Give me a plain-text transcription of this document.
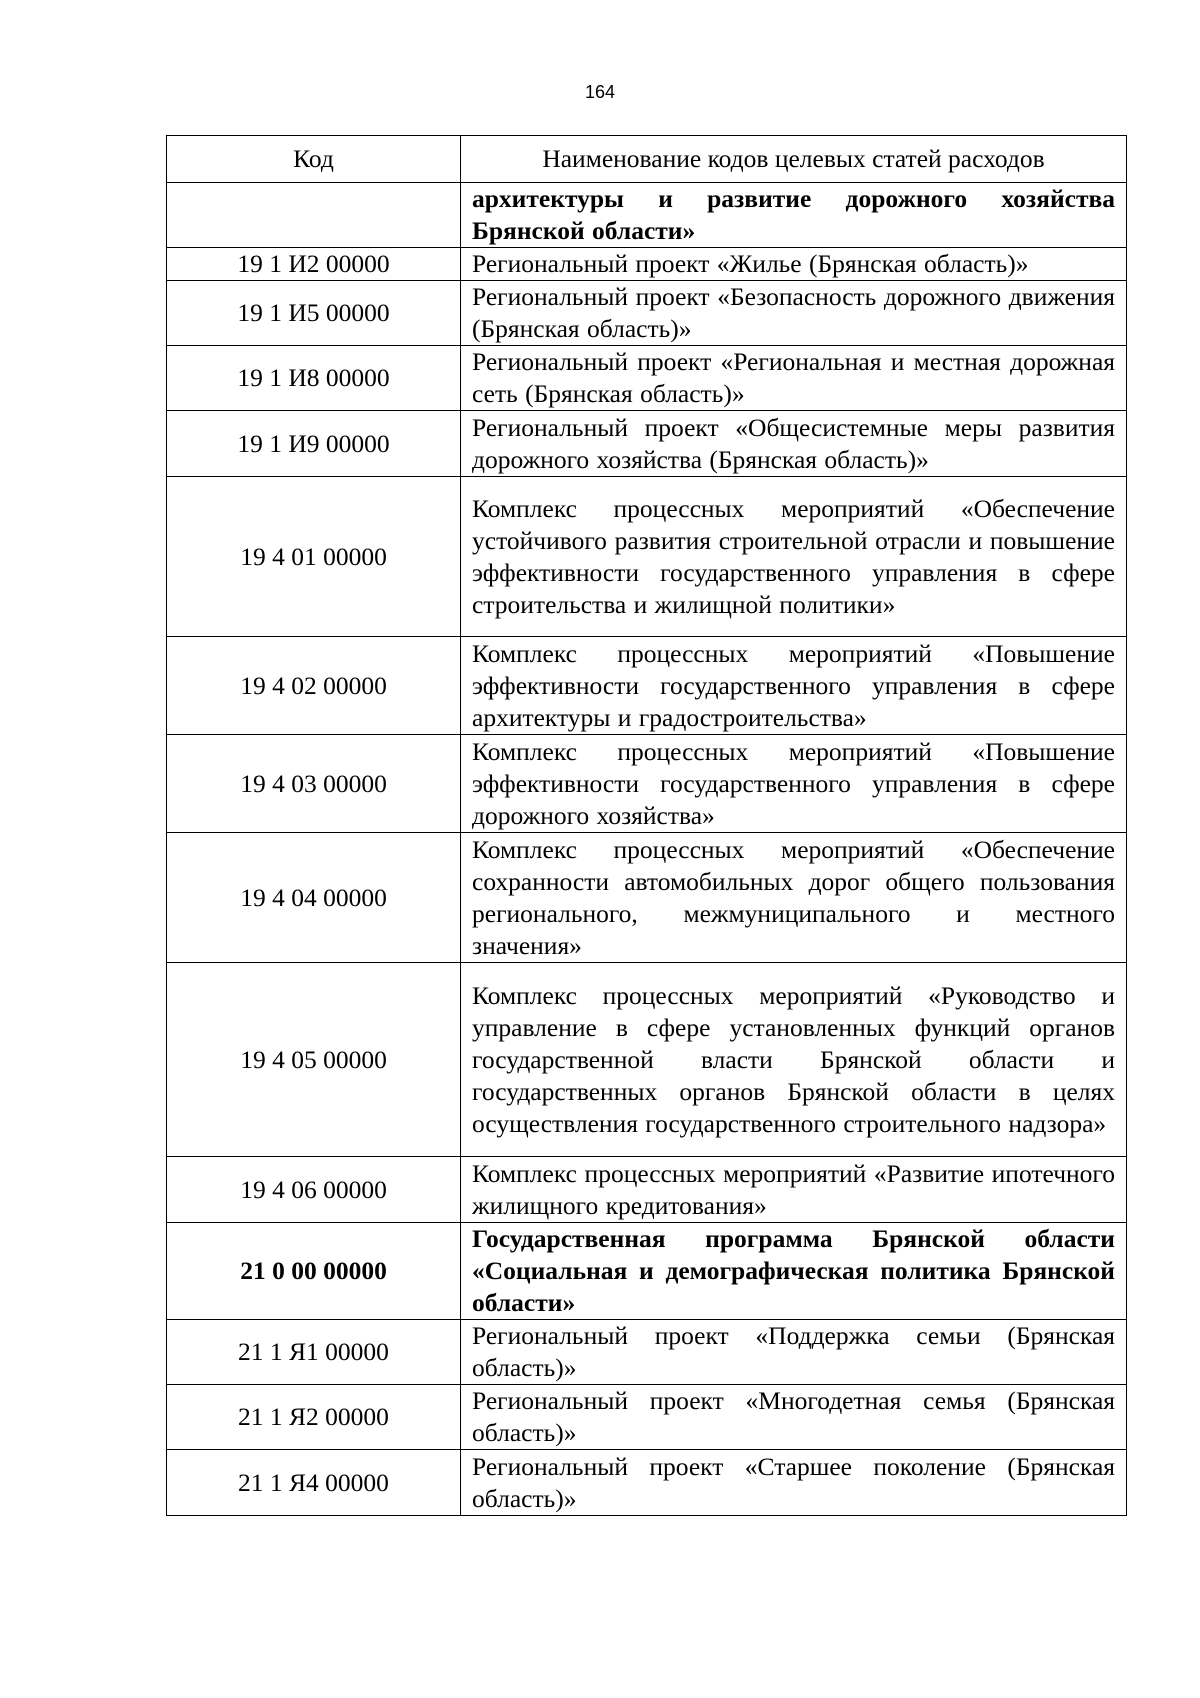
164
Код	Наименование кодов целевых статей расходов
	архитектуры и развитие дорожного хозяйства Брянской области»
19 1 И2 00000	Региональный проект «Жилье (Брянская область)»
19 1 И5 00000	Региональный проект «Безопасность дорожного движения (Брянская область)»
19 1 И8 00000	Региональный проект «Региональная и местная дорожная сеть (Брянская область)»
19 1 И9 00000	Региональный проект «Общесистемные меры развития дорожного хозяйства (Брянская область)»
19 4 01 00000	Комплекс процессных мероприятий «Обеспечение устойчивого развития строительной отрасли и повышение эффективности государственного управления в сфере строительства и жилищной политики»
19 4 02 00000	Комплекс процессных мероприятий «Повышение эффективности государственного управления в сфере архитектуры и градостроительства»
19 4 03 00000	Комплекс процессных мероприятий «Повышение эффективности государственного управления в сфере дорожного хозяйства»
19 4 04 00000	Комплекс процессных мероприятий «Обеспечение сохранности автомобильных дорог общего пользования регионального, межмуниципального и местного значения»
19 4 05 00000	Комплекс процессных мероприятий «Руководство и управление в сфере установленных функций органов государственной власти Брянской области и государственных органов Брянской области в целях осуществления государственного строительного надзора»
19 4 06 00000	Комплекс процессных мероприятий «Развитие ипотечного жилищного кредитования»
21 0 00 00000	Государственная программа Брянской области «Социальная и демографическая политика Брянской области»
21 1 Я1 00000	Региональный проект «Поддержка семьи (Брянская область)»
21 1 Я2 00000	Региональный проект «Многодетная семья (Брянская область)»
21 1 Я4 00000	Региональный проект «Старшее поколение (Брянская область)»
